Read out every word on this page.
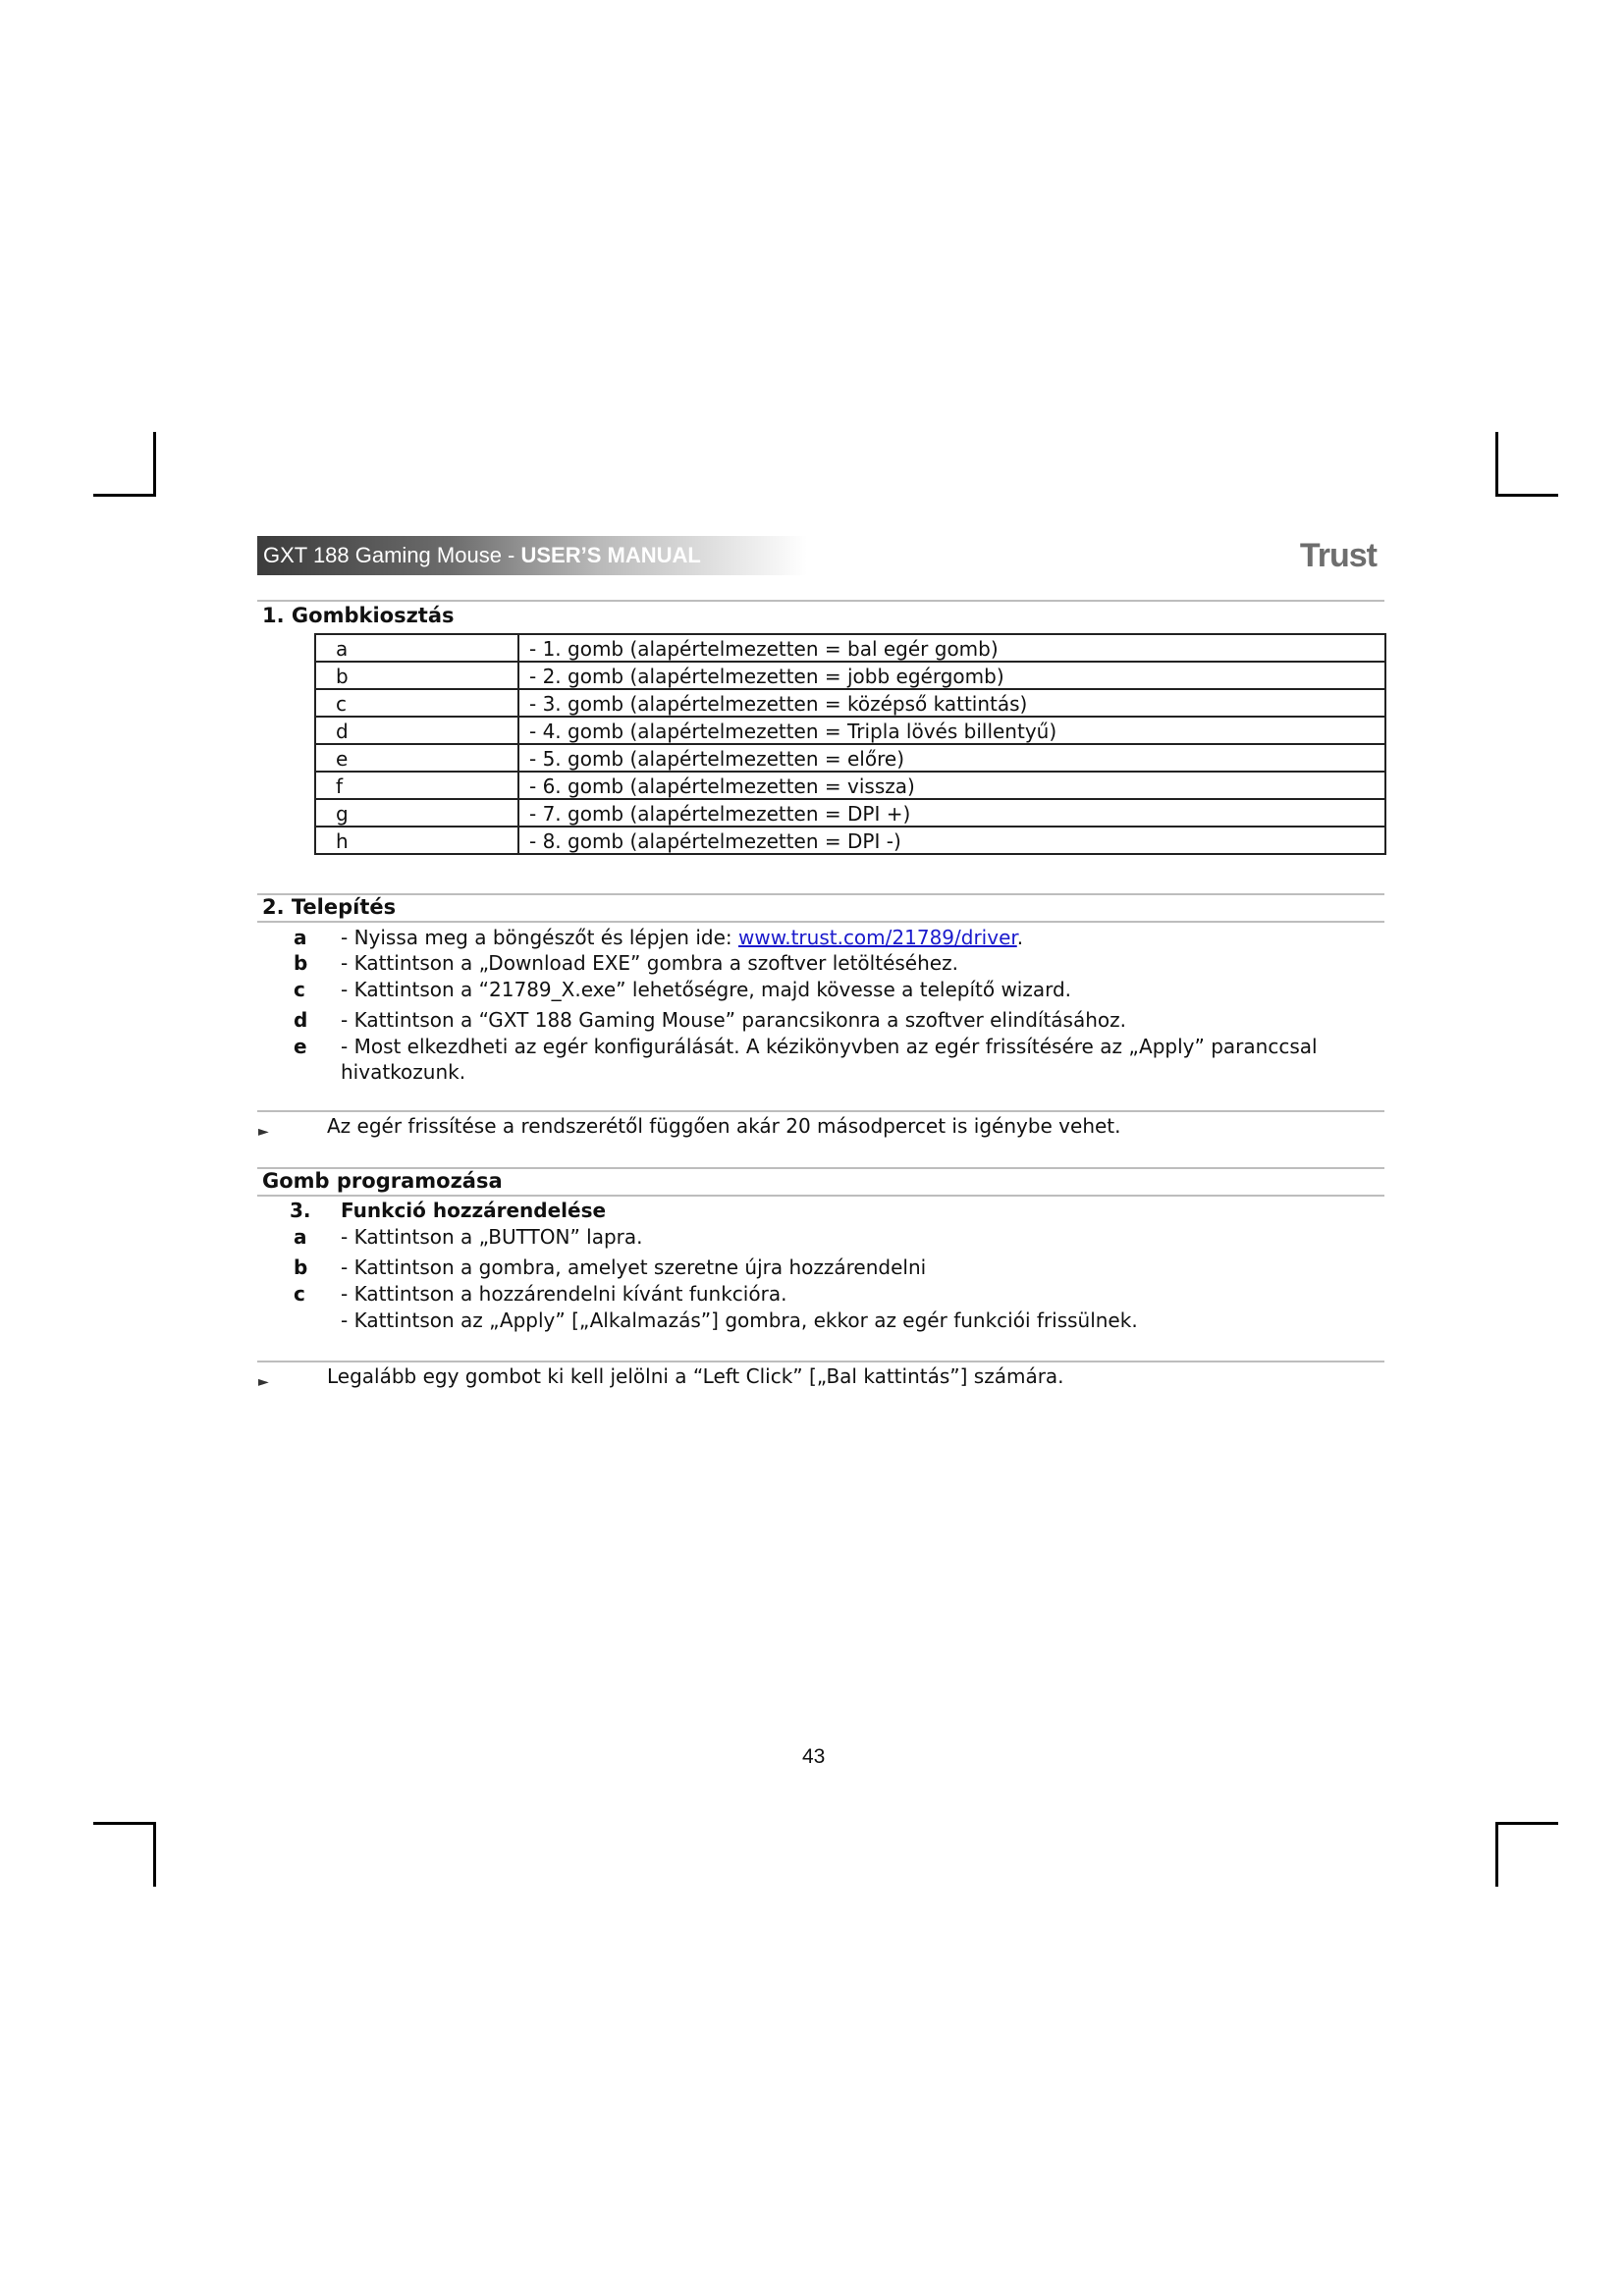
GXT 188 Gaming Mouse - USER’S MANUAL	Trust
1. Gombkiosztás
a	- 1. gomb (alapértelmezetten = bal egér gomb)
b	- 2. gomb (alapértelmezetten = jobb egérgomb)
c	- 3. gomb (alapértelmezetten = középső kattintás)
d	- 4. gomb (alapértelmezetten = Tripla lövés billentyű)
e	- 5. gomb (alapértelmezetten = előre)
f	- 6. gomb (alapértelmezetten = vissza)
g	- 7. gomb (alapértelmezetten = DPI +)
h	- 8. gomb (alapértelmezetten = DPI -)
2. Telepítés
a - Nyissa meg a böngészőt és lépjen ide: www.trust.com/21789/driver.
b - Kattintson a „Download EXE” gombra a szoftver letöltéséhez.
c - Kattintson a “21789_X.exe” lehetőségre, majd kövesse a telepítő wizard.
d - Kattintson a “GXT 188 Gaming Mouse” parancsikonra a szoftver elindításához.
e - Most elkezdheti az egér konfigurálását. A kézikönyvben az egér frissítésére az „Apply” paranccsal hivatkozunk.
►	Az egér frissítése a rendszerétől függően akár 20 másodpercet is igénybe vehet.
Gomb programozása
3. Funkció hozzárendelése
a - Kattintson a „BUTTON” lapra.
b - Kattintson a gombra, amelyet szeretne újra hozzárendelni
c - Kattintson a hozzárendelni kívánt funkcióra.
- Kattintson az „Apply” [„Alkalmazás”] gombra, ekkor az egér funkciói frissülnek.
►	Legalább egy gombot ki kell jelölni a “Left Click” [„Bal kattintás”] számára.
43
